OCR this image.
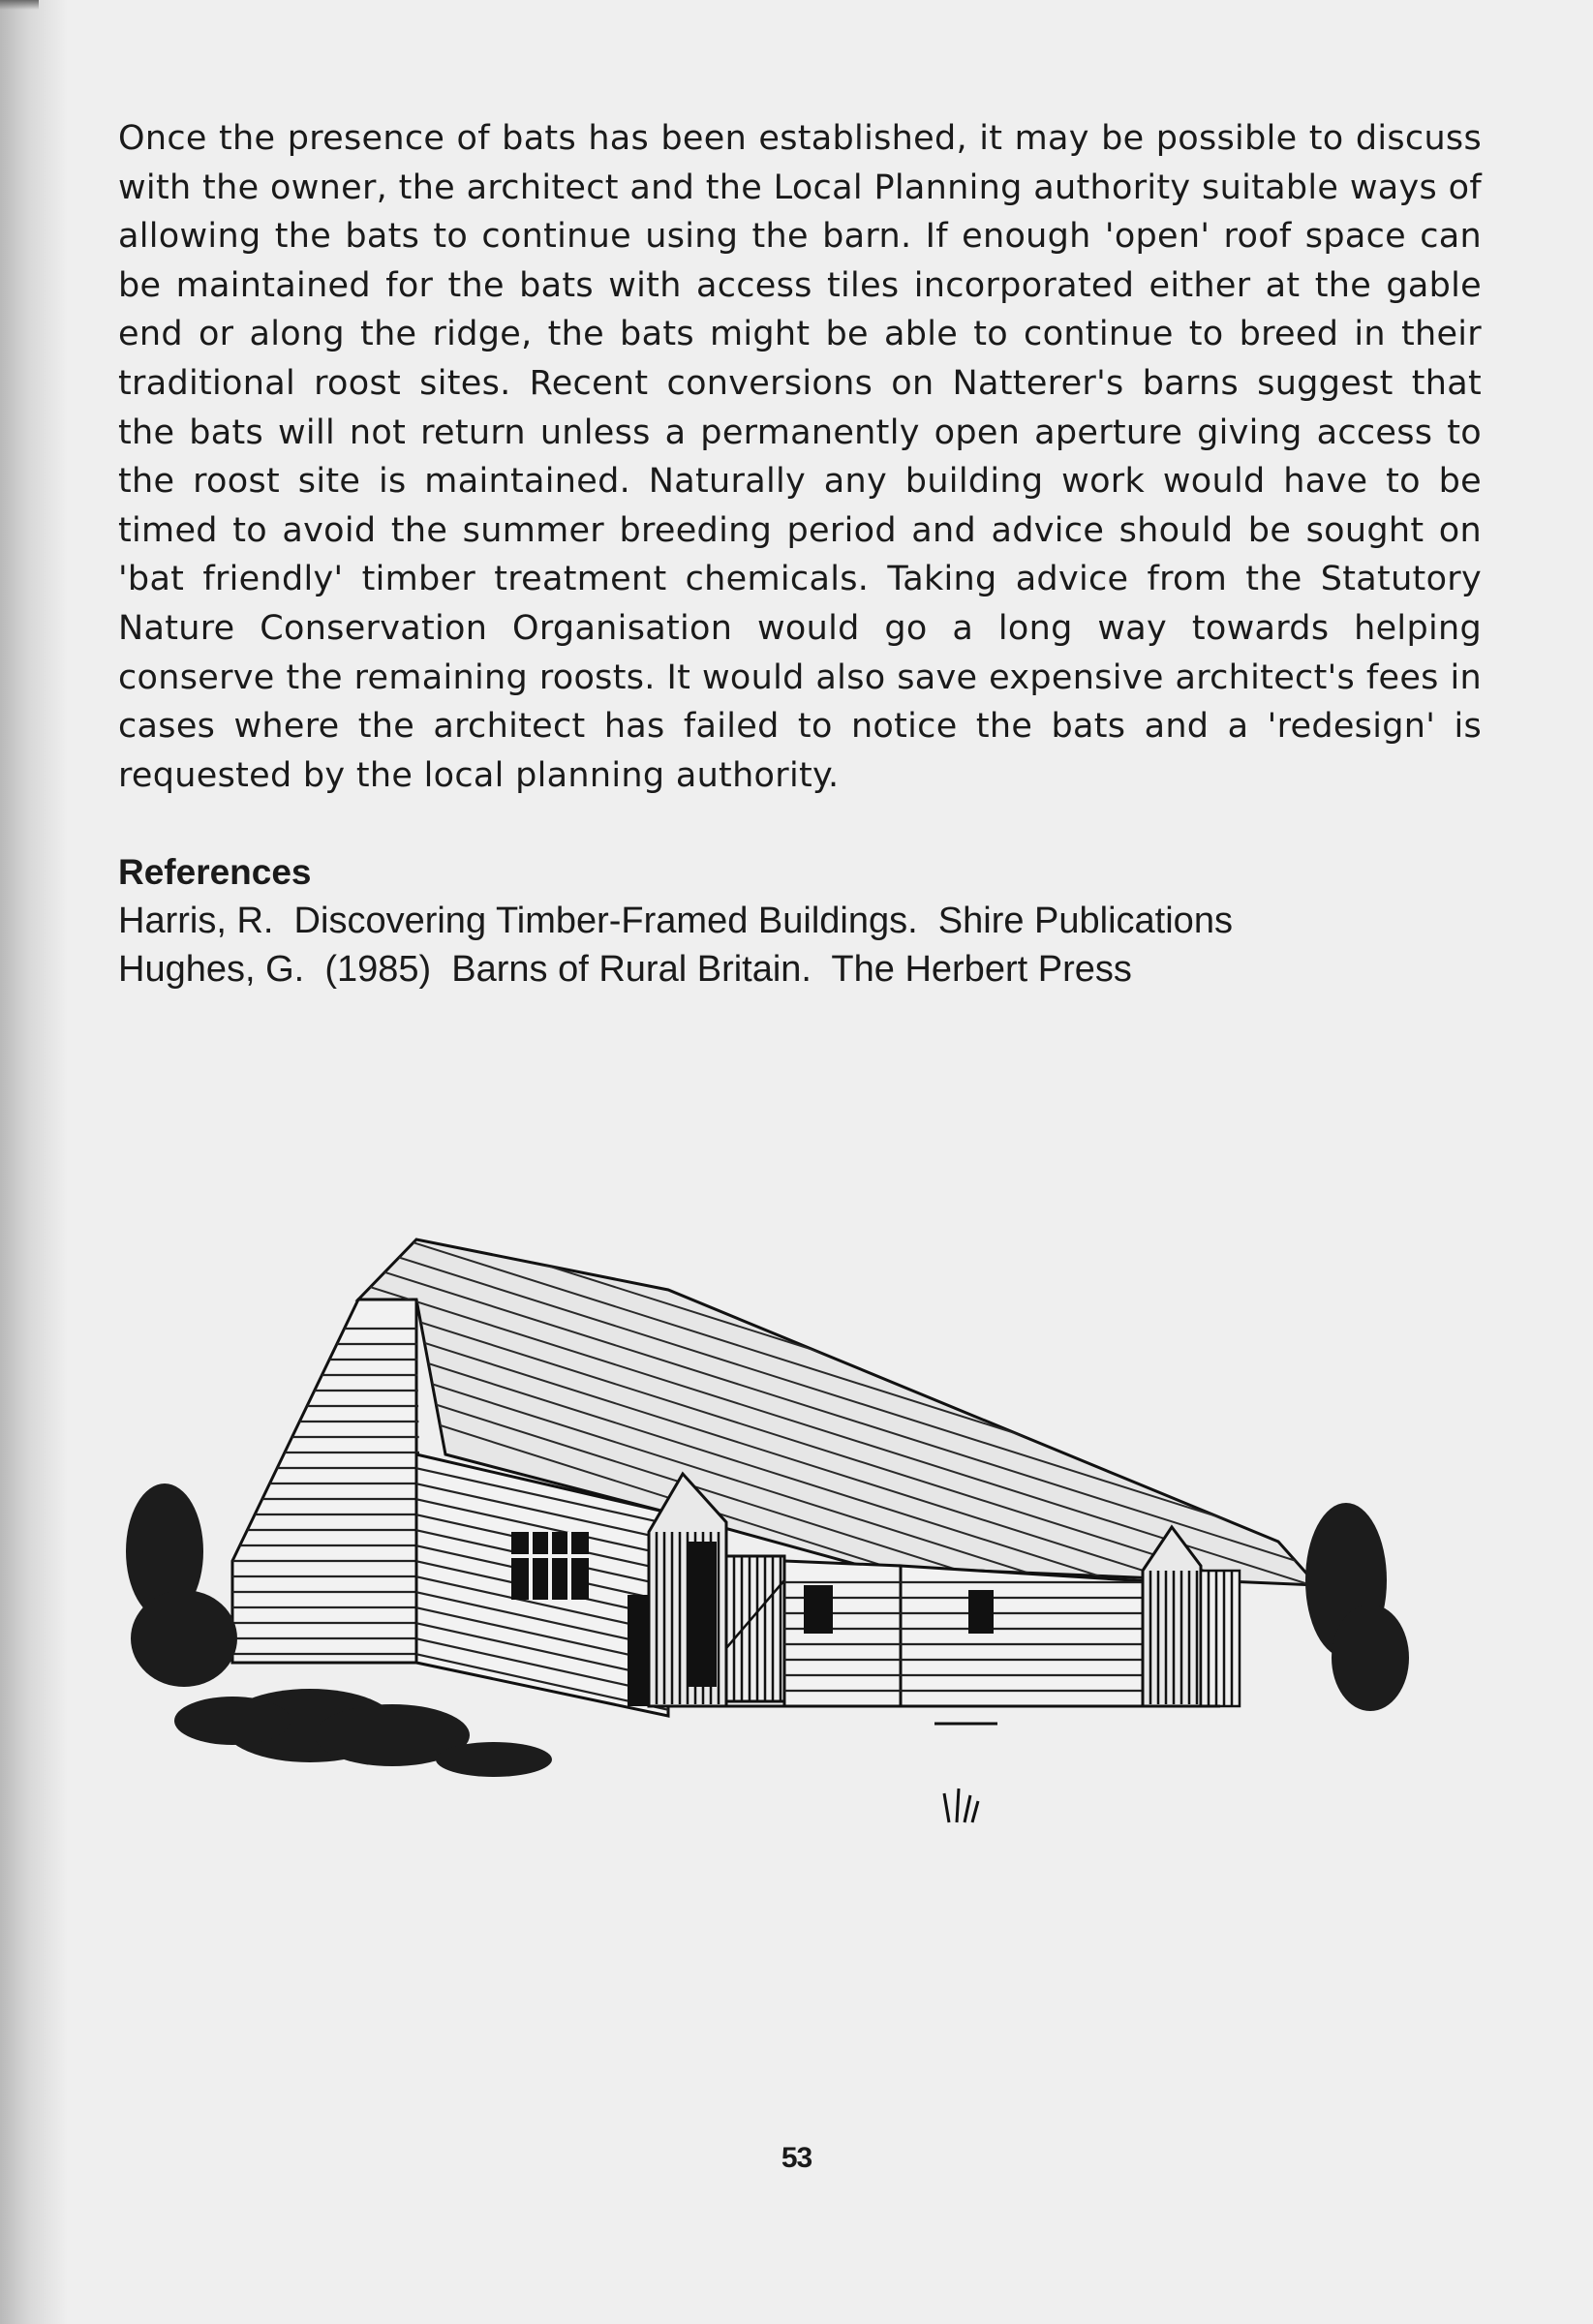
Once the presence of bats has been established, it may be possible to discuss with the owner, the architect and the Local Planning authority suitable ways of allowing the bats to continue using the barn. If enough 'open' roof space can be maintained for the bats with access tiles incorporated either at the gable end or along the ridge, the bats might be able to continue to breed in their traditional roost sites. Recent conversions on Natterer's barns suggest that the bats will not return unless a permanently open aperture giving access to the roost site is maintained. Naturally any building work would have to be timed to avoid the summer breeding period and advice should be sought on 'bat friendly' timber treatment chemicals. Taking advice from the Statutory Nature Conservation Organisation would go a long way towards helping conserve the remaining roosts. It would also save expensive architect's fees in cases where the architect has failed to notice the bats and a 'redesign' is requested by the local planning authority.

References
Harris, R.  Discovering Timber-Framed Buildings.  Shire Publications
Hughes, G.  (1985)  Barns of Rural Britain.  The Herbert Press
53
